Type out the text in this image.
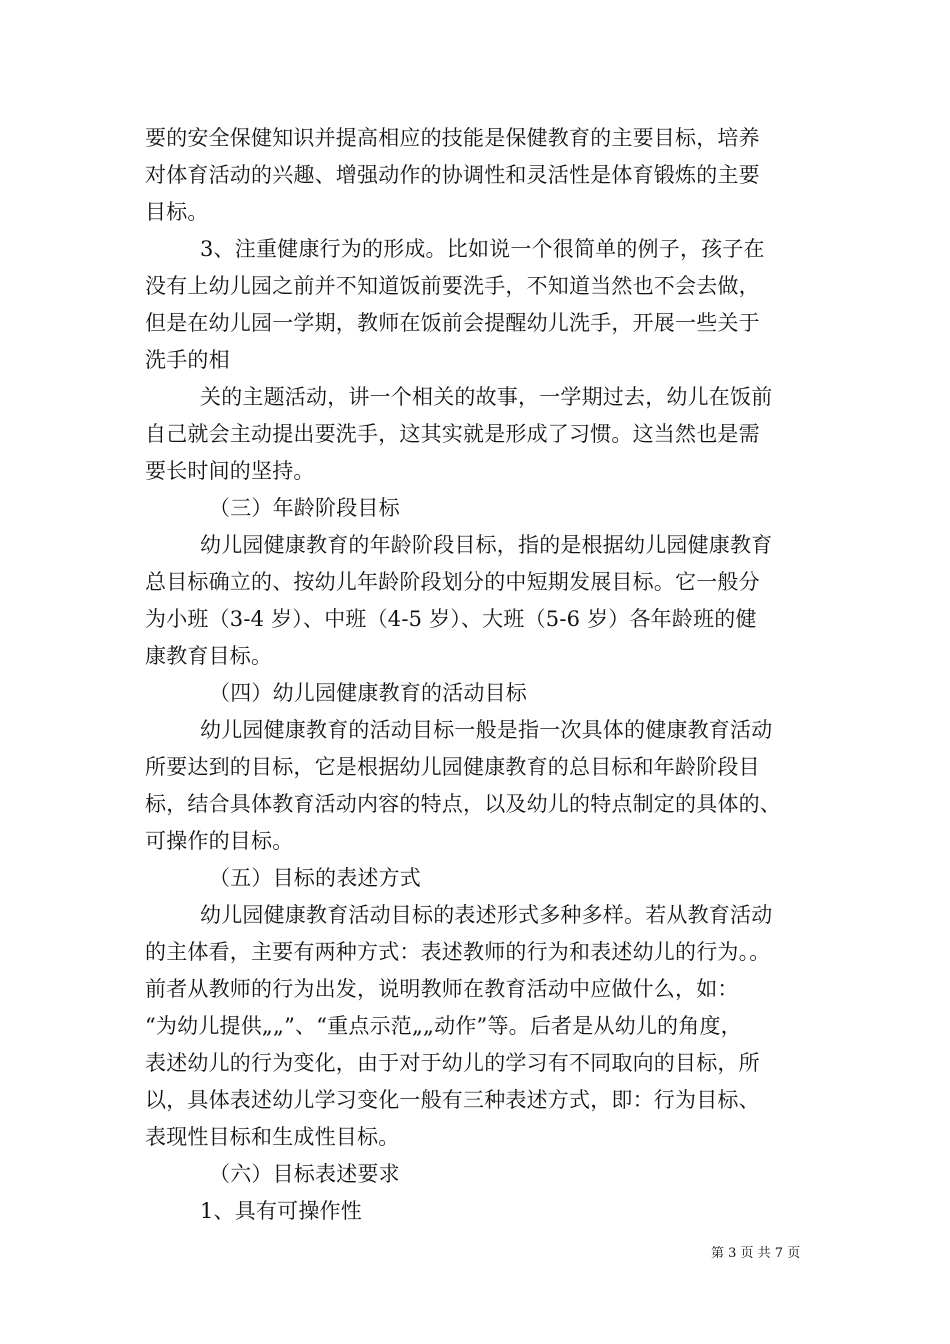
要的安全保健知识并提高相应的技能是保健教育的主要目标，培养
对体育活动的兴趣、增强动作的协调性和灵活性是体育锻炼的主要
目标。
3、注重健康行为的形成。比如说一个很简单的例子，孩子在
没有上幼儿园之前并不知道饭前要洗手，不知道当然也不会去做，
但是在幼儿园一学期，教师在饭前会提醒幼儿洗手，开展一些关于
洗手的相
关的主题活动，讲一个相关的故事，一学期过去，幼儿在饭前
自己就会主动提出要洗手，这其实就是形成了习惯。这当然也是需
要长时间的坚持。
（三）年龄阶段目标
幼儿园健康教育的年龄阶段目标，指的是根据幼儿园健康教育
总目标确立的、按幼儿年龄阶段划分的中短期发展目标。它一般分
为小班（3-4 岁）、中班（4-5 岁）、大班（5-6 岁）各年龄班的健
康教育目标。
（四）幼儿园健康教育的活动目标
幼儿园健康教育的活动目标一般是指一次具体的健康教育活动
所要达到的目标，它是根据幼儿园健康教育的总目标和年龄阶段目
标，结合具体教育活动内容的特点，以及幼儿的特点制定的具体的、
可操作的目标。
（五）目标的表述方式
幼儿园健康教育活动目标的表述形式多种多样。若从教育活动
的主体看，主要有两种方式：表述教师的行为和表述幼儿的行为。。
前者从教师的行为出发，说明教师在教育活动中应做什么，如：
“为幼儿提供„„”、“重点示范„„动作”等。后者是从幼儿的角度，
表述幼儿的行为变化，由于对于幼儿的学习有不同取向的目标，所
以，具体表述幼儿学习变化一般有三种表述方式，即：行为目标、
表现性目标和生成性目标。
（六）目标表述要求
1、具有可操作性
第 3 页 共 7 页
